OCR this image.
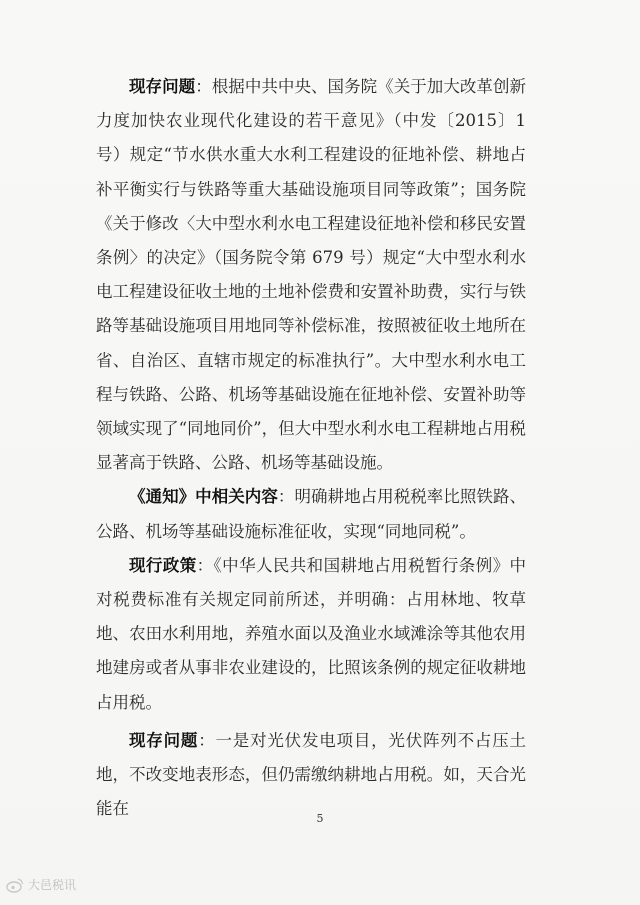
现存问题：根据中共中央、国务院《关于加大改革创新力度加快农业现代化建设的若干意见》（中发〔2015〕1 号）规定“节水供水重大水利工程建设的征地补偿、耕地占补平衡实行与铁路等重大基础设施项目同等政策”；国务院《关于修改〈大中型水利水电工程建设征地补偿和移民安置条例〉的决定》（国务院令第 679 号）规定“大中型水利水电工程建设征收土地的土地补偿费和安置补助费，实行与铁路等基础设施项目用地同等补偿标准，按照被征收土地所在省、自治区、直辖市规定的标准执行”。大中型水利水电工程与铁路、公路、机场等基础设施在征地补偿、安置补助等领域实现了“同地同价”，但大中型水利水电工程耕地占用税显著高于铁路、公路、机场等基础设施。

《通知》中相关内容：明确耕地占用税税率比照铁路、公路、机场等基础设施标准征收，实现“同地同税”。

现行政策：《中华人民共和国耕地占用税暂行条例》中对税费标准有关规定同前所述，并明确：占用林地、牧草地、农田水利用地，养殖水面以及渔业水域滩涂等其他农用地建房或者从事非农业建设的，比照该条例的规定征收耕地占用税。

现存问题：一是对光伏发电项目，光伏阵列不占压土地，不改变地表形态，但仍需缴纳耕地占用税。如，天合光能在

5
大邑税讯
